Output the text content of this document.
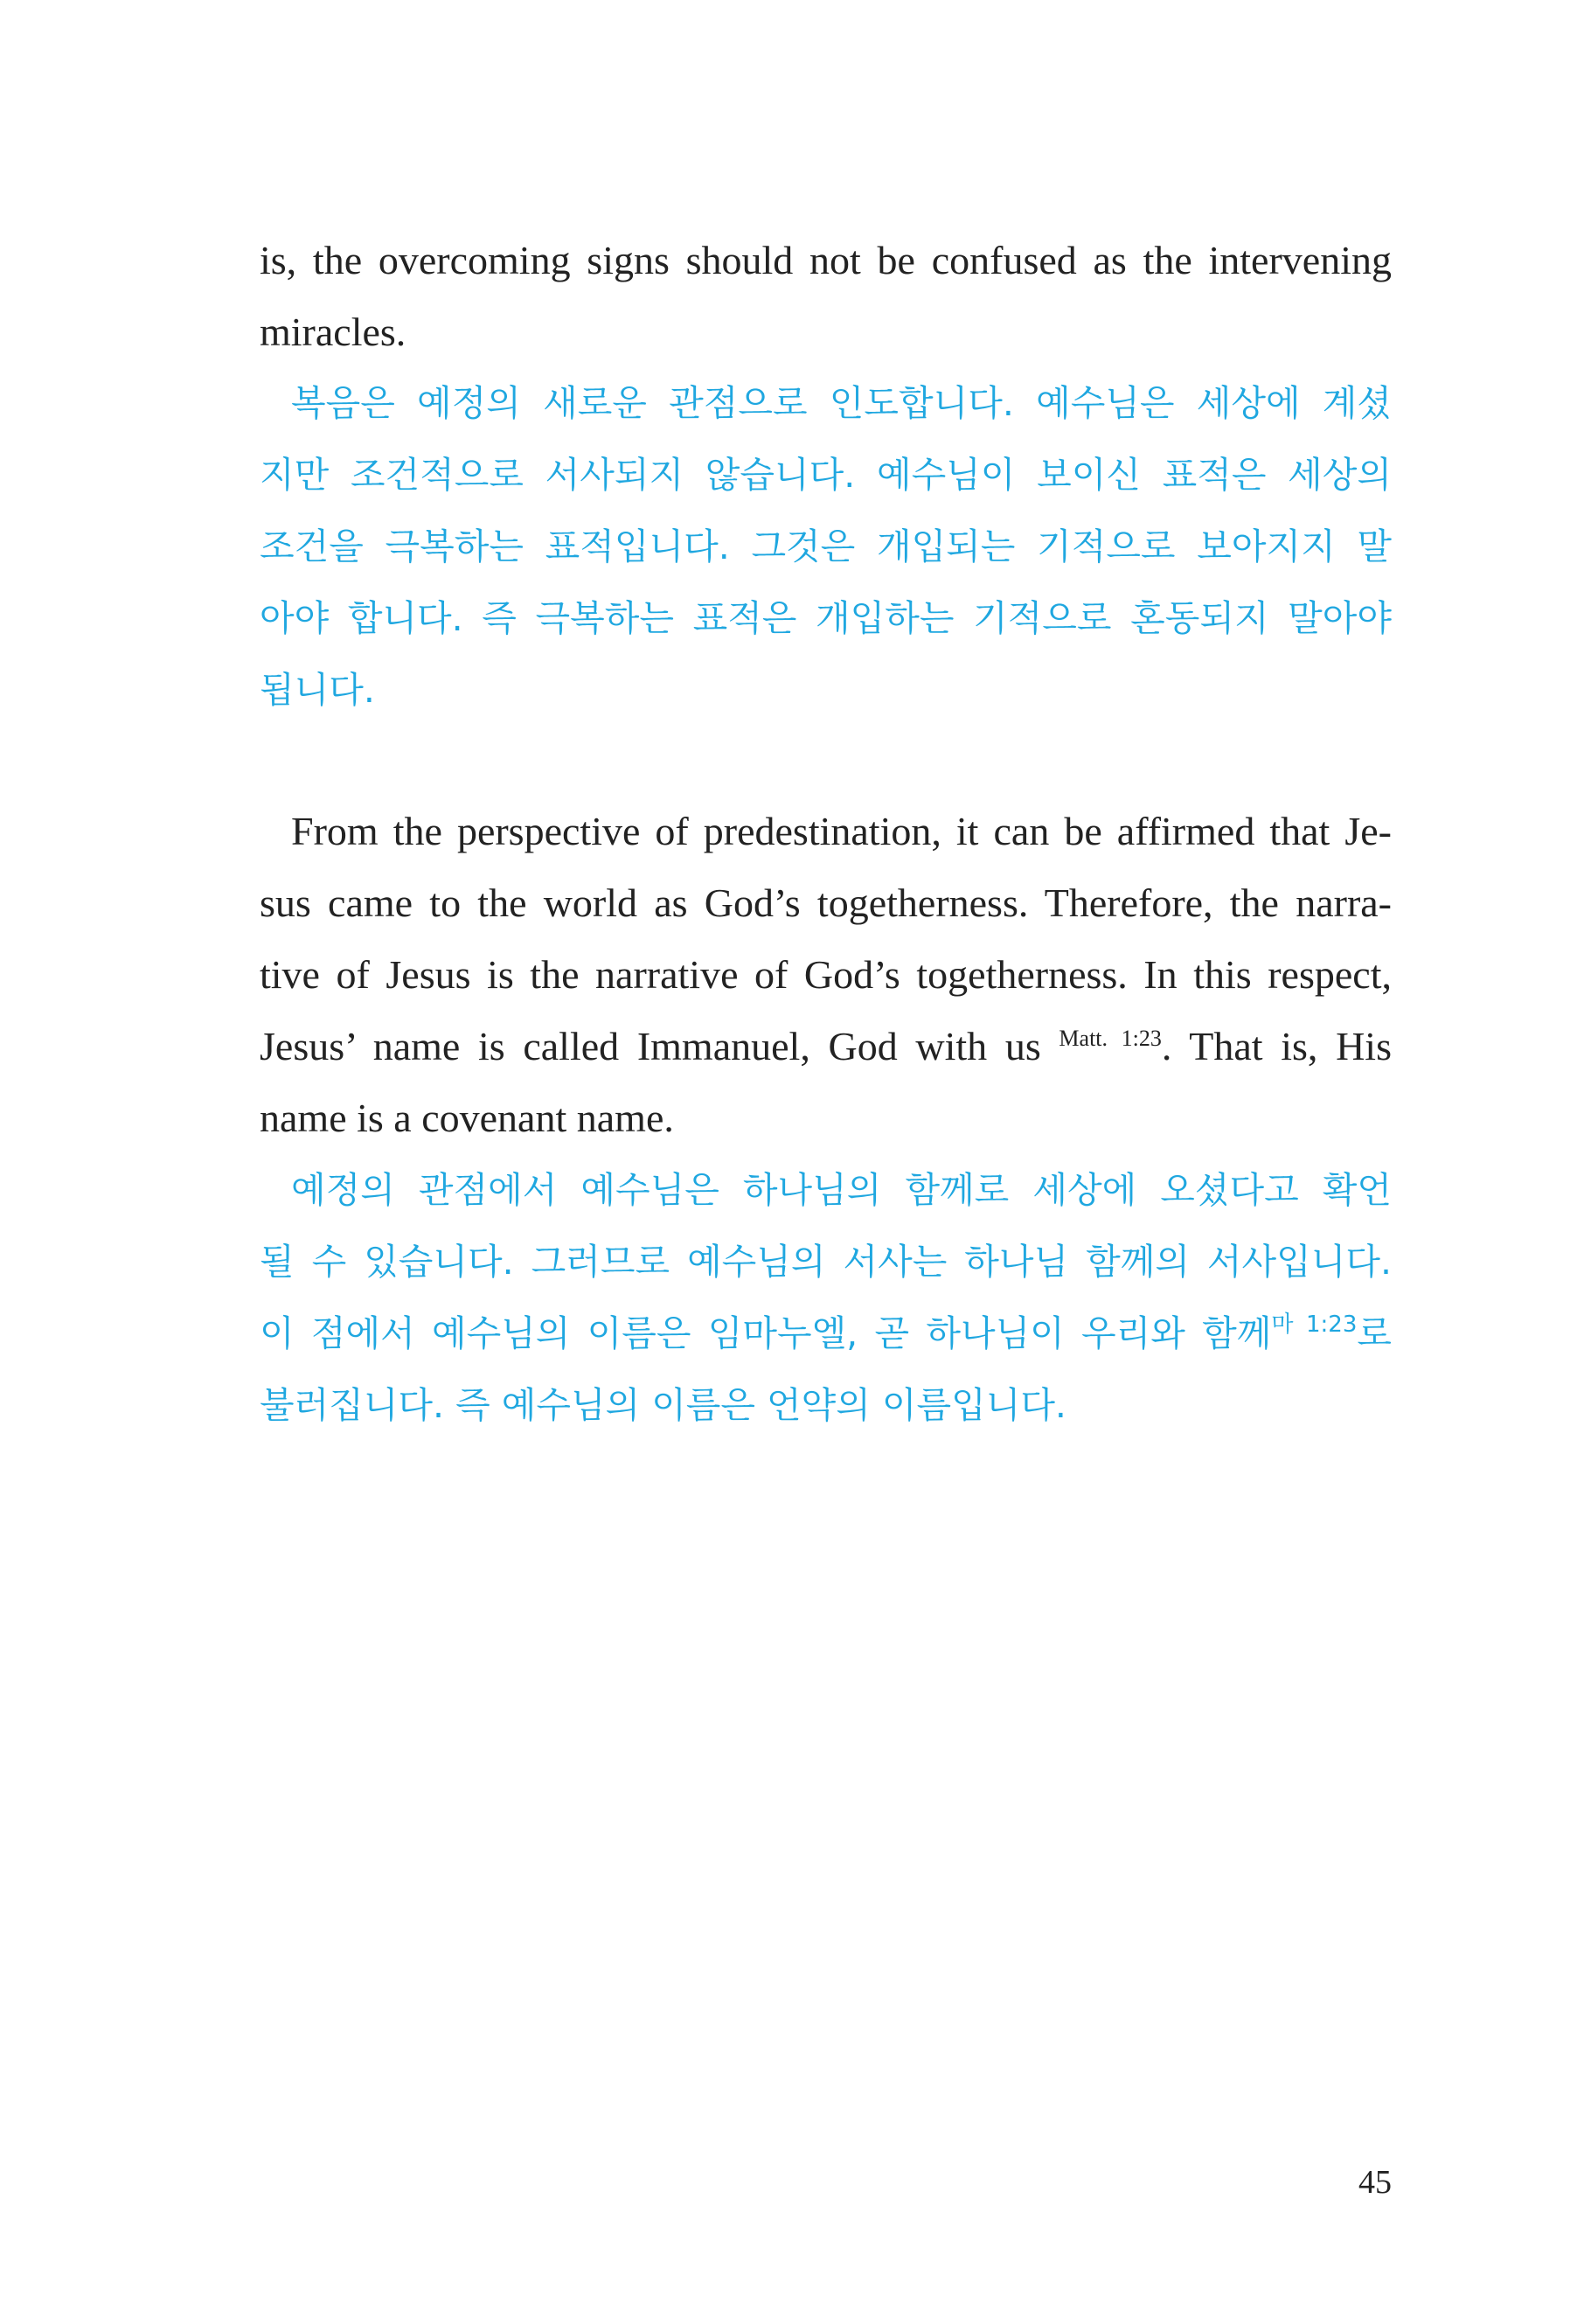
is, the overcoming signs should not be confused as the intervening
miracles.
복음은 예정의 새로운 관점으로 인도합니다. 예수님은 세상에 계셨
지만 조건적으로 서사되지 않습니다. 예수님이 보이신 표적은 세상의
조건을 극복하는 표적입니다. 그것은 개입되는 기적으로 보아지지 말
아야 합니다. 즉 극복하는 표적은 개입하는 기적으로 혼동되지 말아야
됩니다.
From the perspective of predestination, it can be affirmed that Je-
sus came to the world as God’s togetherness. Therefore, the narra-
tive of Jesus is the narrative of God’s togetherness. In this respect,
Jesus’ name is called Immanuel, God with us $^{Matt. 1:23}$. That is, His
name is a covenant name.
예정의 관점에서 예수님은 하나님의 함께로 세상에 오셨다고 확언
될 수 있습니다. 그러므로 예수님의 서사는 하나님 함께의 서사입니다.
이 점에서 예수님의 이름은 임마누엘, 곧 하나님이 우리와 함께$^{마 1:23}$로
불러집니다. 즉 예수님의 이름은 언약의 이름입니다.
45
